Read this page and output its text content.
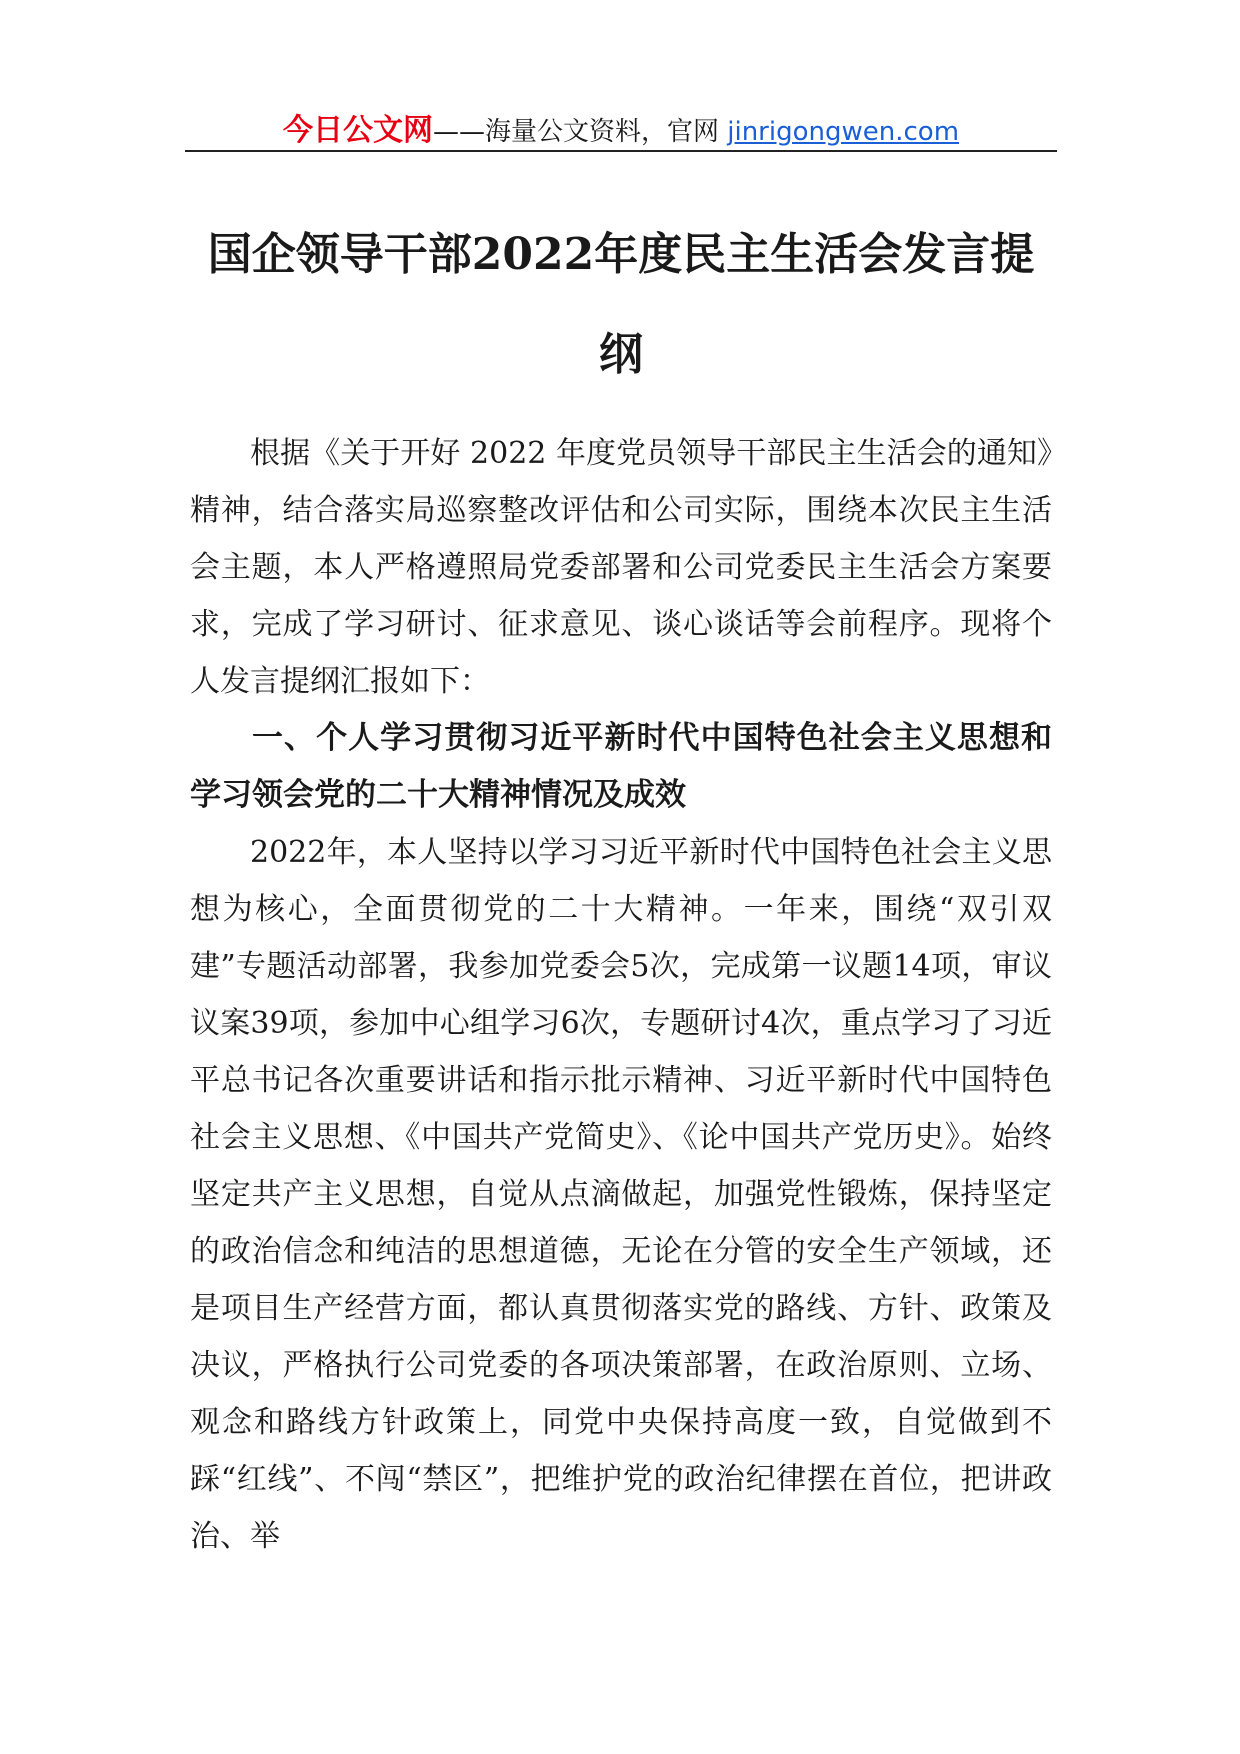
今日公文网——海量公文资料，官网 jinrigongwen.com
国企领导干部2022年度民主生活会发言提纲

根据《关于开好 2022 年度党员领导干部民主生活会的通知》精神，结合落实局巡察整改评估和公司实际，围绕本次民主生活会主题，本人严格遵照局党委部署和公司党委民主生活会方案要求，完成了学习研讨、征求意见、谈心谈话等会前程序。现将个人发言提纲汇报如下：

一、个人学习贯彻习近平新时代中国特色社会主义思想和学习领会党的二十大精神情况及成效

2022年，本人坚持以学习习近平新时代中国特色社会主义思想为核心，全面贯彻党的二十大精神。一年来，围绕“双引双建”专题活动部署，我参加党委会5次，完成第一议题14项，审议议案39项，参加中心组学习6次，专题研讨4次，重点学习了习近平总书记各次重要讲话和指示批示精神、习近平新时代中国特色社会主义思想、《中国共产党简史》、《论中国共产党历史》。始终坚定共产主义思想，自觉从点滴做起，加强党性锻炼，保持坚定的政治信念和纯洁的思想道德，无论在分管的安全生产领域，还是项目生产经营方面，都认真贯彻落实党的路线、方针、政策及决议，严格执行公司党委的各项决策部署，在政治原则、立场、观念和路线方针政策上，同党中央保持高度一致，自觉做到不踩“红线”、不闯“禁区”，把维护党的政治纪律摆在首位，把讲政治、举
